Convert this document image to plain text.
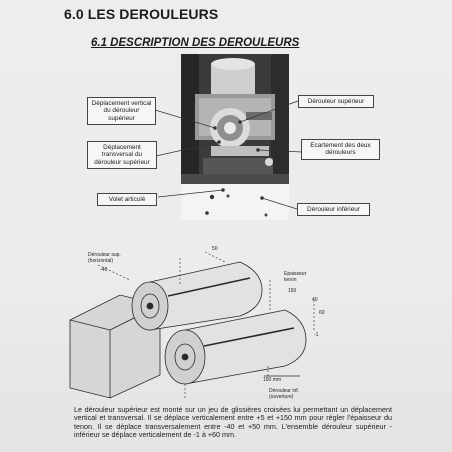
6.0 LES DEROULEURS
6.1 DESCRIPTION DES DEROULEURS
Déplacement vertical du dérouleur supérieur
Dérouleur supérieur
Déplacement transversal du dérouleur supérieur
Ecartement des deux dérouleurs
Volet articulé
Dérouleur inférieur
Dérouleur sup. (horizontal)
-40
50
Epaisseur tenon
150
40
60
-1
150 mm
Dérouleur inf. (ouverture)
Le dérouleur supérieur est monté sur un jeu de glissières croisées lui permettant un déplacement vertical et transversal. Il se déplace verticalement entre +5 et +150 mm pour régler l'épaisseur du tenon. Il se déplace transversalement entre -40 et +50 mm. L'ensemble dérouleur supérieur - inférieur se déplace verticalement de -1 à +60 mm.
